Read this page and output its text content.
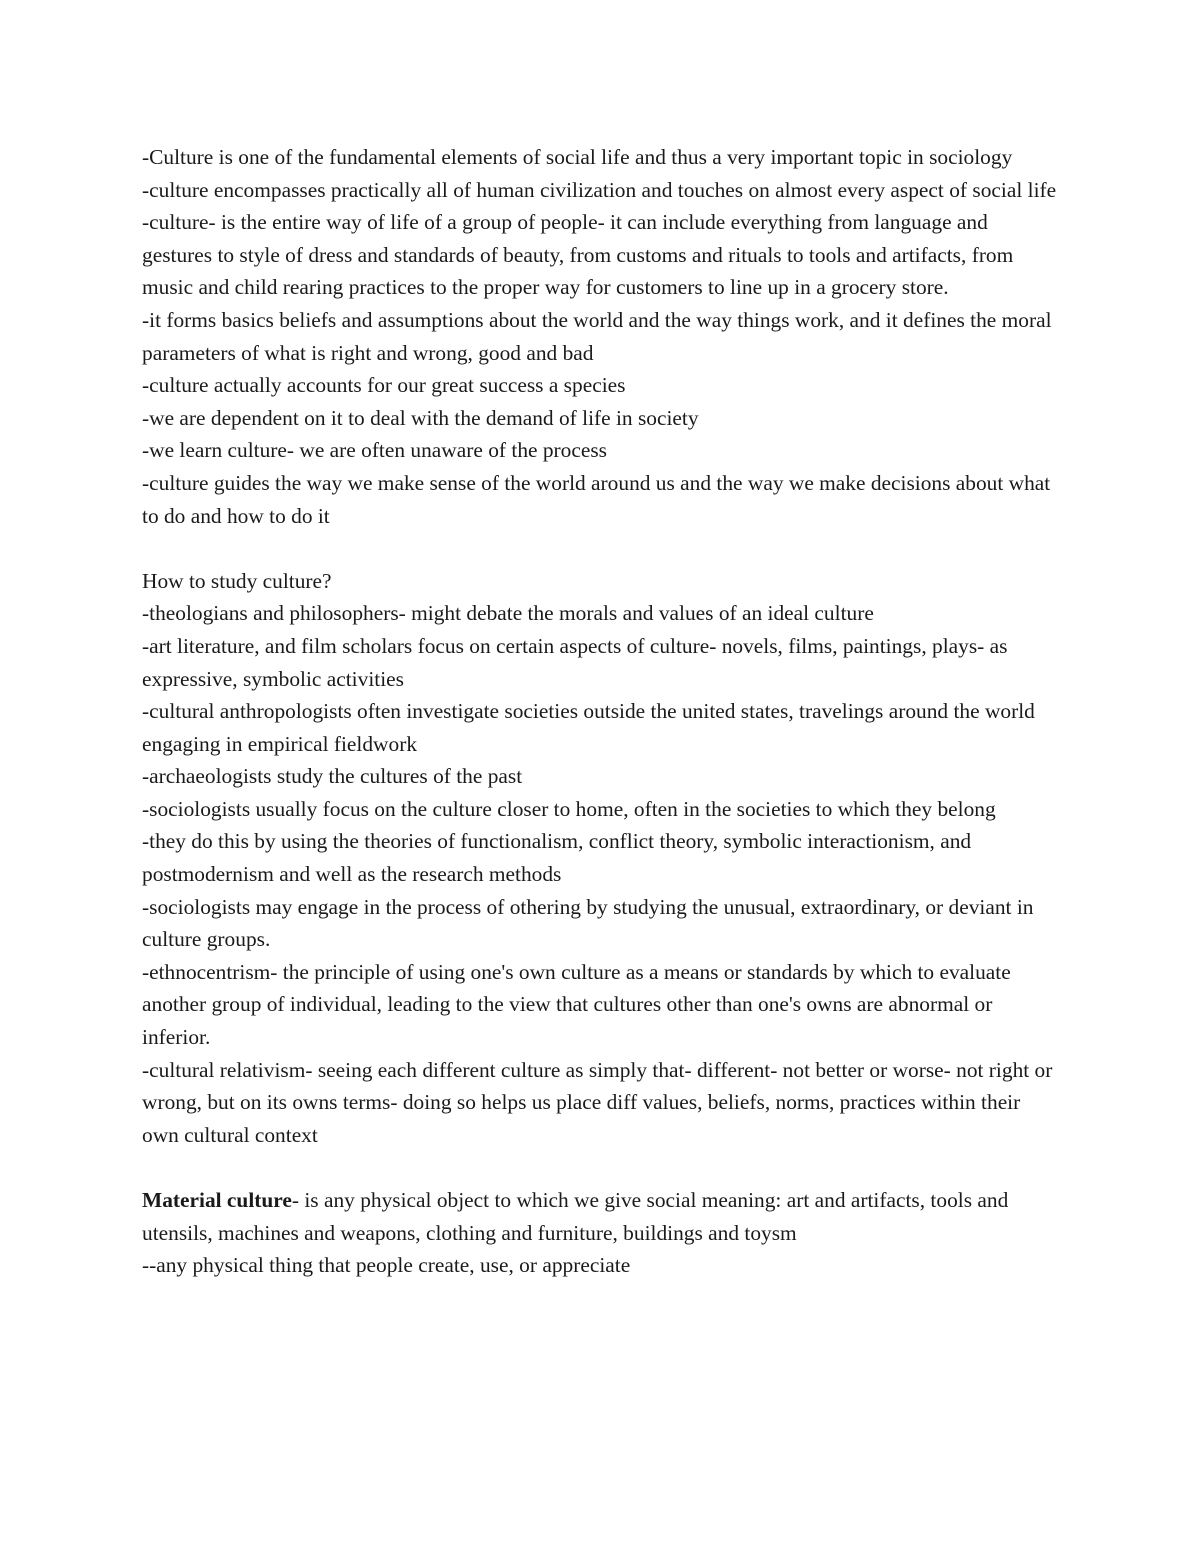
-Culture is one of the fundamental elements of social life and thus a very important topic in sociology

-culture encompasses practically all of human civilization and touches on almost every aspect of social life

-culture- is the entire way of life of a group of people- it can include everything from language and gestures to style of dress and standards of beauty, from customs and rituals to tools and artifacts, from music and child rearing practices to the proper way for customers to line up in a grocery store.

-it forms basics beliefs and assumptions about the world and the way things work, and it defines the moral parameters of what is right and wrong, good and bad

-culture actually accounts for our great success a species

-we are dependent on it to deal with the demand of life in society

-we learn culture- we are often unaware of the process

-culture guides the way we make sense of the world around us and the way we make decisions about what to do and how to do it

How to study culture?

-theologians and philosophers- might debate the morals and values of an ideal culture

-art literature, and film scholars focus on certain aspects of culture- novels, films, paintings, plays- as expressive, symbolic activities

-cultural anthropologists often investigate societies outside the united states, travelings around the world engaging in empirical fieldwork

-archaeologists study the cultures of the past

-sociologists usually focus on the culture closer to home, often in the societies to which they belong

-they do this by using the theories of functionalism, conflict theory, symbolic interactionism, and postmodernism and well as the research methods

-sociologists may engage in the process of othering by studying the unusual, extraordinary, or deviant in culture groups.

-ethnocentrism- the principle of using one's own culture as a means or standards by which to evaluate another group of individual, leading to the view that cultures other than one's owns are abnormal or inferior.

-cultural relativism- seeing each different culture as simply that- different- not better or worse- not right or wrong, but on its owns terms- doing so helps us place diff values, beliefs, norms, practices within their own cultural context

Material culture- is any physical object to which we give social meaning: art and artifacts, tools and utensils, machines and weapons, clothing and furniture, buildings and toysm

--any physical thing that people create, use, or appreciate
